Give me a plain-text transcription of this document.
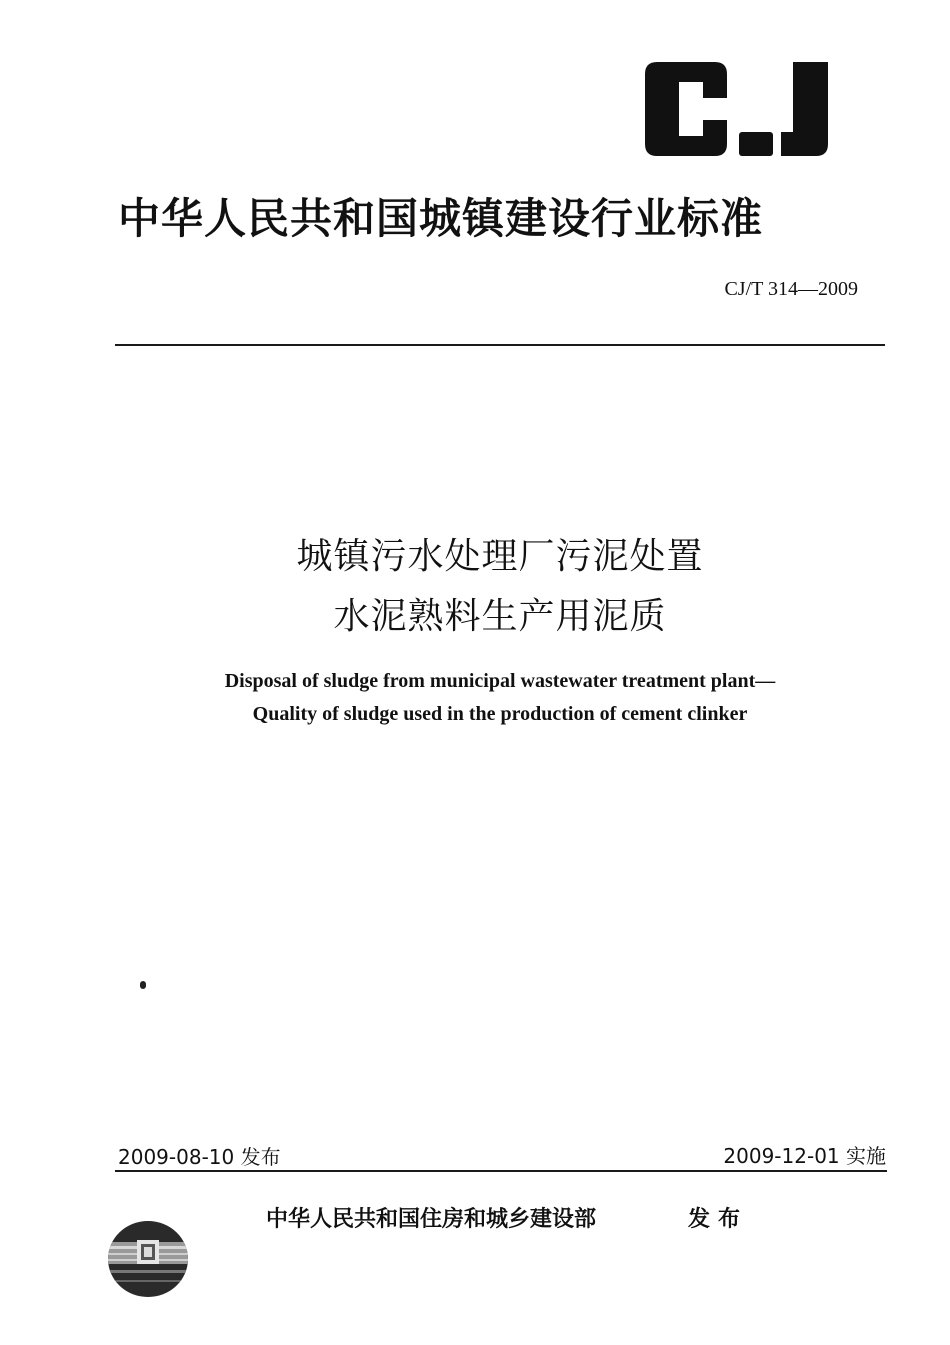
中华人民共和国城镇建设行业标准
CJ/T 314—2009
城镇污水处理厂污泥处置
水泥熟料生产用泥质
Disposal of sludge from municipal wastewater treatment plant—
Quality of sludge used in the production of cement clinker
2009-08-10 发布	2009-12-01 实施
中华人民共和国住房和城乡建设部	发布
